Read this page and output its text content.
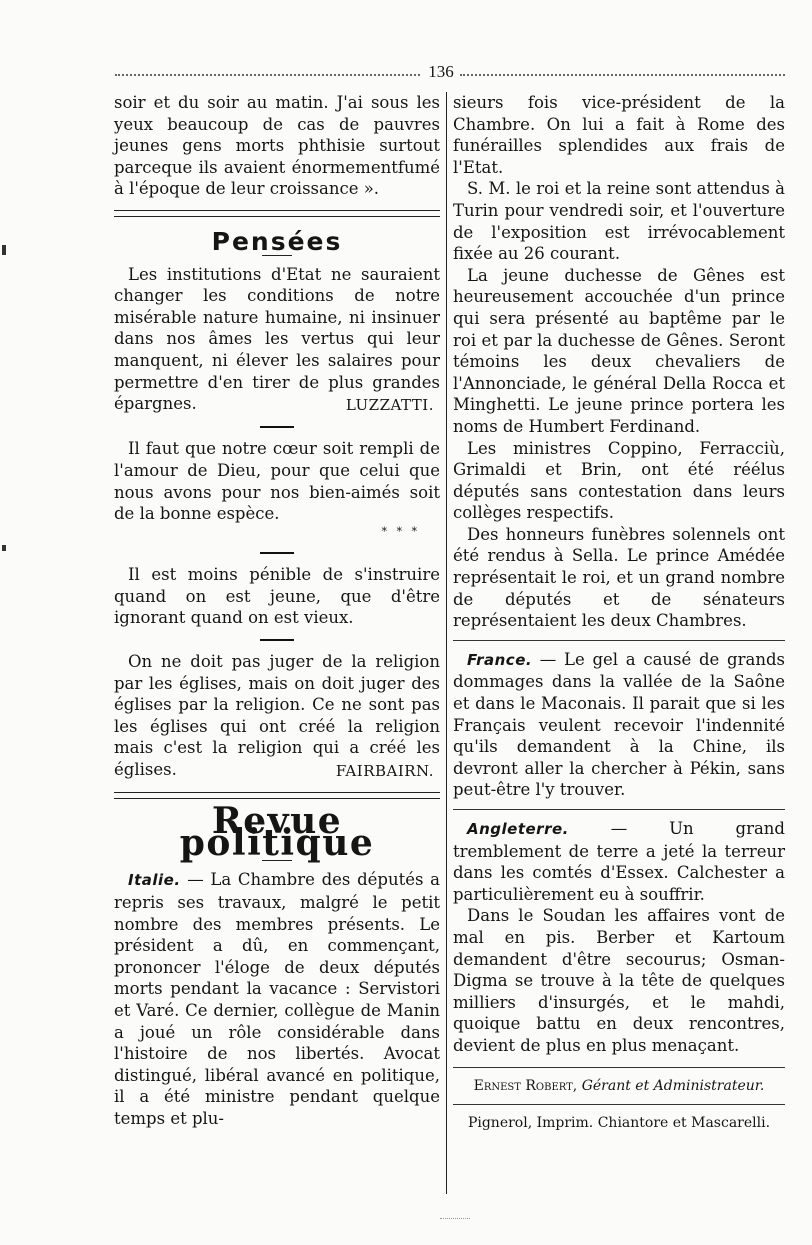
136

soir et du soir au matin. J'ai sous les yeux beaucoup de cas de pauvres jeunes gens morts phthisie surtout parceque ils avaient énormementfumé à l'époque de leur croissance ».

Pensées

Les institutions d'Etat ne sauraient changer les conditions de notre misérable nature humaine, ni insinuer dans nos âmes les vertus qui leur manquent, ni élever les salaires pour permettre d'en tirer de plus grandes épargnes.	LUZZATTI.

Il faut que notre cœur soit rempli de l'amour de Dieu, pour que celui que nous avons pour nos bien-aimés soit de la bonne espèce.

* * *

Il est moins pénible de s'instruire quand on est jeune, que d'être ignorant quand on est vieux.

On ne doit pas juger de la religion par les églises, mais on doit juger des églises par la religion. Ce ne sont pas les églises qui ont créé la religion mais c'est la religion qui a créé les églises.	FAIRBAIRN.
Revue politique

Italie. — La Chambre des députés a repris ses travaux, malgré le petit nombre des membres présents. Le président a dû, en commençant, prononcer l'éloge de deux députés morts pendant la vacance : Servistori et Varé. Ce dernier, collègue de Manin a joué un rôle considérable dans l'histoire de nos libertés. Avocat distingué, libéral avancé en politique, il a été ministre pendant quelque temps et plu-

sieurs fois vice-président de la Chambre. On lui a fait à Rome des funérailles splendides aux frais de l'Etat.

S. M. le roi et la reine sont attendus à Turin pour vendredi soir, et l'ouverture de l'exposition est irrévocablement fixée au 26 courant.

La jeune duchesse de Gênes est heureusement accouchée d'un prince qui sera présenté au baptême par le roi et par la duchesse de Gênes. Seront témoins les deux chevaliers de l'Annonciade, le général Della Rocca et Minghetti. Le jeune prince portera les noms de Humbert Ferdinand.

Les ministres Coppino, Ferracciù, Grimaldi et Brin, ont été réélus députés sans contestation dans leurs collèges respectifs.

Des honneurs funèbres solennels ont été rendus à Sella. Le prince Amédée représentait le roi, et un grand nombre de députés et de sénateurs représentaient les deux Chambres.

France. — Le gel a causé de grands dommages dans la vallée de la Saône et dans le Maconais. Il parait que si les Français veulent recevoir l'indennité qu'ils demandent à la Chine, ils devront aller la chercher à Pékin, sans peut-être l'y trouver.

Angleterre. — Un grand tremblement de terre a jeté la terreur dans les comtés d'Essex. Calchester a particulièrement eu à souffrir.

Dans le Soudan les affaires vont de mal en pis. Berber et Kartoum demandent d'être secourus; Osman-Digma se trouve à la tête de quelques milliers d'insurgés, et le mahdi, quoique battu en deux rencontres, devient de plus en plus menaçant.

Ernest Robert, Gérant et Administrateur.
Pignerol, Imprim. Chiantore et Mascarelli.
